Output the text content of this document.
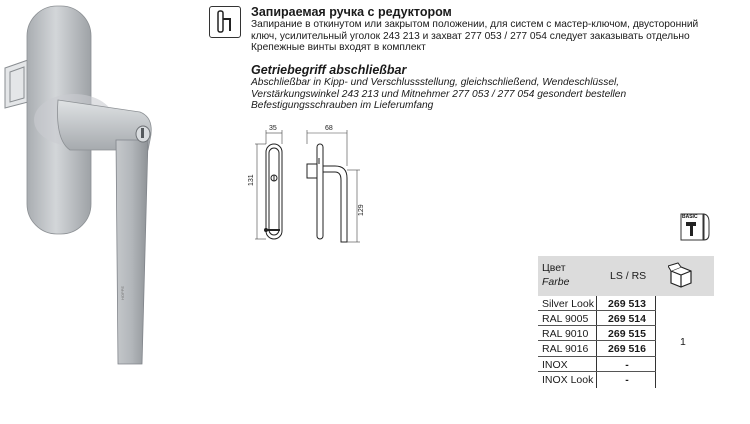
HOPPE
Запираемая ручка с редуктором
Запирание в откинутом или закрытом положении, для систем с мастер-ключом, двусторонний
ключ, усилительный уголок 243 213 и захват 277 053 / 277 054 следует заказывать отдельно
Крепежные винты входят в комплект
Getriebegriff abschließbar
Abschließbar in Kipp- und Verschlussstellung, gleichschließend, Wendeschlüssel,
Verstärkungswinkel 243 213 und Mitnehmer 277 053 / 277 054 gesondert bestellen
Befestigungsschrauben im Lieferumfang
35
131
68
129
BASIC
Цвет
Farbe	LS / RS
Silver Look	269 513
RAL 9005	269 514
RAL 9010	269 515
RAL 9016	269 516
INOX	-
INOX Look	-
1
